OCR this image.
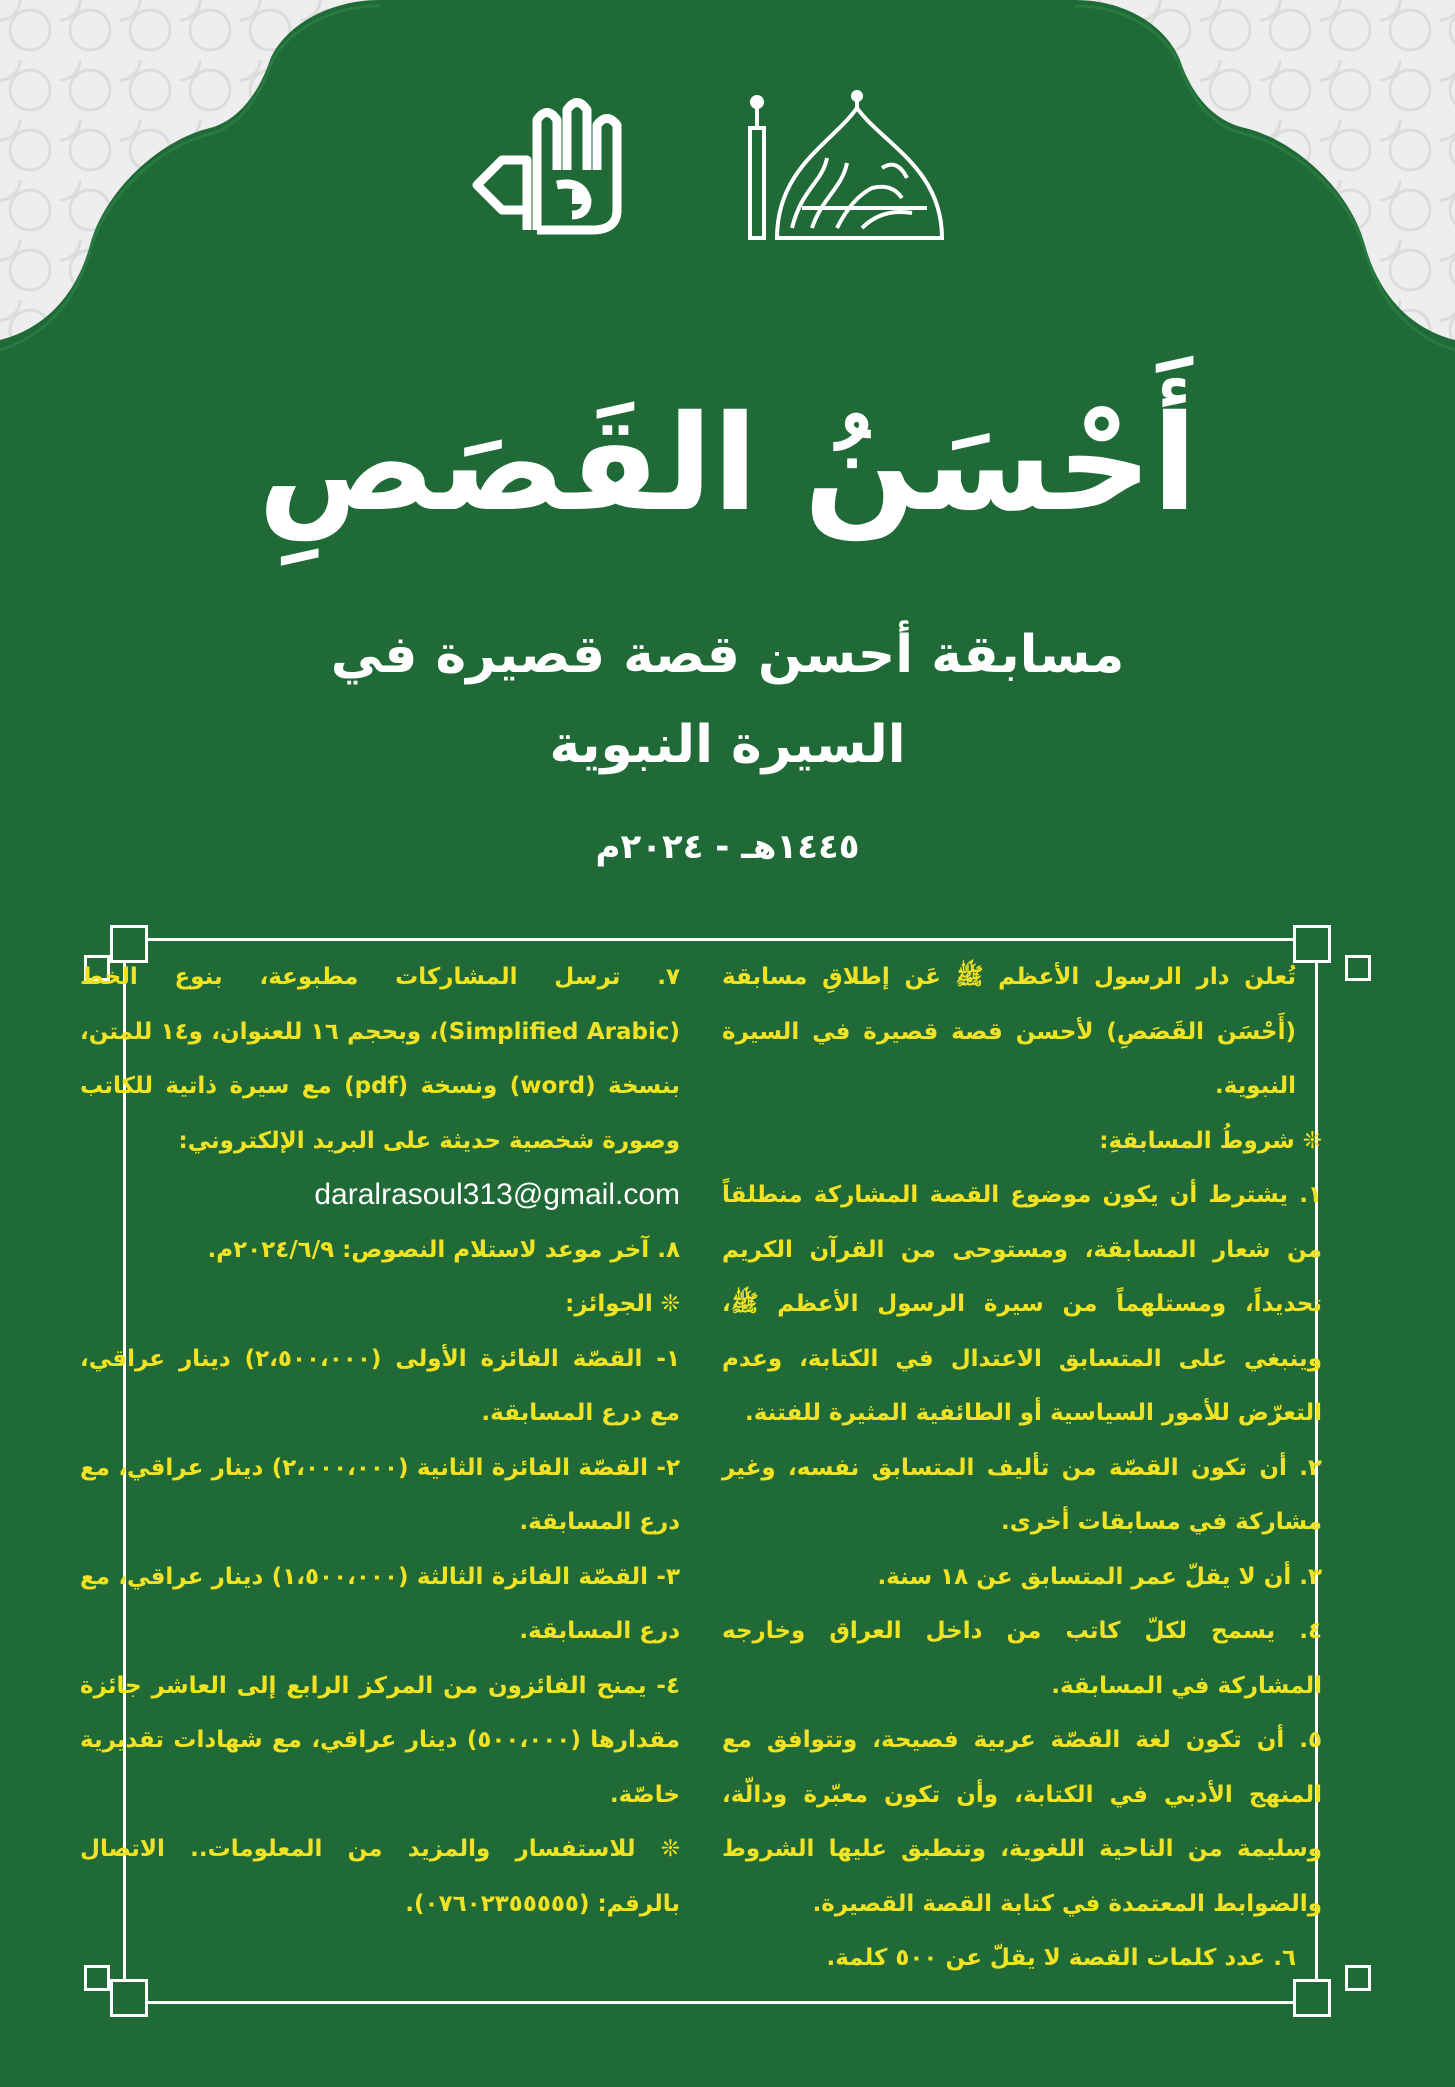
أَحْسَنُ القَصَصِ
مسابقة أحسن قصة قصيرة في
السيرة النبوية
١٤٤٥هـ - ٢٠٢٤م

تُعلن دار الرسول الأعظم ﷺ عَن إطلاقِ مسابقة (أَحْسَن القَصَصِ) لأحسن قصة قصيرة في السيرة النبوية.

❊ شروطُ المسابقةِ:

١. يشترط أن يكون موضوع القصة المشاركة منطلقاً من شعار المسابقة، ومستوحى من القرآن الكريم تحديداً، ومستلهماً من سيرة الرسول الأعظم ﷺ، وينبغي على المتسابق الاعتدال في الكتابة، وعدم التعرّض للأمور السياسية أو الطائفية المثيرة للفتنة.

٢. أن تكون القصّة من تأليف المتسابق نفسه، وغير مشاركة في مسابقات أخرى.

٣. أن لا يقلّ عمر المتسابق عن ١٨ سنة.

٤. يسمح لكلّ كاتب من داخل العراق وخارجه المشاركة في المسابقة.

٥. أن تكون لغة القصّة عربية فصيحة، وتتوافق مع المنهج الأدبي في الكتابة، وأن تكون معبّرة ودالّة، وسليمة من الناحية اللغوية، وتنطبق عليها الشروط والضوابط المعتمدة في كتابة القصة القصيرة.

٦. عدد كلمات القصة لا يقلّ عن ٥٠٠ كلمة.

٧. ترسل المشاركات مطبوعة، بنوع الخط (Simplified Arabic)، وبحجم ١٦ للعنوان، و١٤ للمتن، بنسخة (word) ونسخة (pdf) مع سيرة ذاتية للكاتب وصورة شخصية حديثة على البريد الإلكتروني:

daralrasoul313@gmail.com

٨. آخر موعد لاستلام النصوص: ٢٠٢٤/٦/٩م.

❊ الجوائز:

١- القصّة الفائزة الأولى (٢،٥٠٠،٠٠٠) دينار عراقي، مع درع المسابقة.

٢- القصّة الفائزة الثانية (٢،٠٠٠،٠٠٠) دينار عراقي، مع درع المسابقة.

٣- القصّة الفائزة الثالثة (١،٥٠٠،٠٠٠) دينار عراقي، مع درع المسابقة.

٤- يمنح الفائزون من المركز الرابع إلى العاشر جائزة مقدارها (٥٠٠،٠٠٠) دينار عراقي، مع شهادات تقديرية خاصّة.

❊ للاستفسار والمزيد من المعلومات.. الاتصال بالرقم: (٠٧٦٠٢٣٥٥٥٥٥).
